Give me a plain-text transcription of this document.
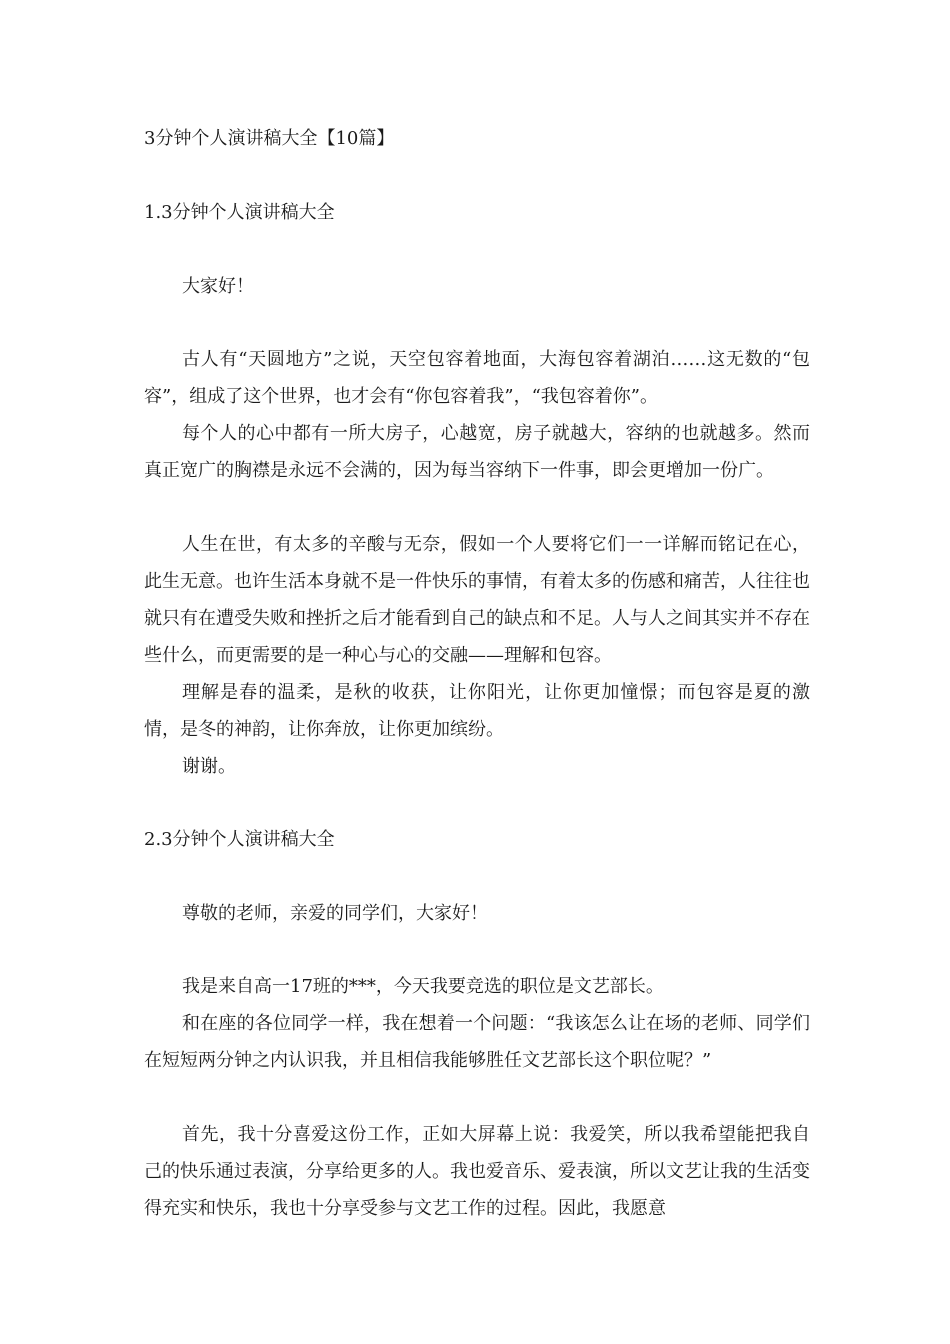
3分钟个人演讲稿大全【10篇】

1.3分钟个人演讲稿大全

大家好！

古人有“天圆地方”之说，天空包容着地面，大海包容着湖泊……这无数的“包容”，组成了这个世界，也才会有“你包容着我”，“我包容着你”。

每个人的心中都有一所大房子，心越宽，房子就越大，容纳的也就越多。然而真正宽广的胸襟是永远不会满的，因为每当容纳下一件事，即会更增加一份广。

人生在世，有太多的辛酸与无奈，假如一个人要将它们一一详解而铭记在心，此生无意。也许生活本身就不是一件快乐的事情，有着太多的伤感和痛苦，人往往也就只有在遭受失败和挫折之后才能看到自己的缺点和不足。人与人之间其实并不存在些什么，而更需要的是一种心与心的交融——理解和包容。

理解是春的温柔，是秋的收获，让你阳光，让你更加憧憬；而包容是夏的激情，是冬的神韵，让你奔放，让你更加缤纷。

谢谢。

2.3分钟个人演讲稿大全

尊敬的老师，亲爱的同学们，大家好！

我是来自高一17班的***，今天我要竞选的职位是文艺部长。

和在座的各位同学一样，我在想着一个问题：“我该怎么让在场的老师、同学们在短短两分钟之内认识我，并且相信我能够胜任文艺部长这个职位呢？”

首先，我十分喜爱这份工作，正如大屏幕上说：我爱笑，所以我希望能把我自己的快乐通过表演，分享给更多的人。我也爱音乐、爱表演，所以文艺让我的生活变得充实和快乐，我也十分享受参与文艺工作的过程。因此，我愿意
